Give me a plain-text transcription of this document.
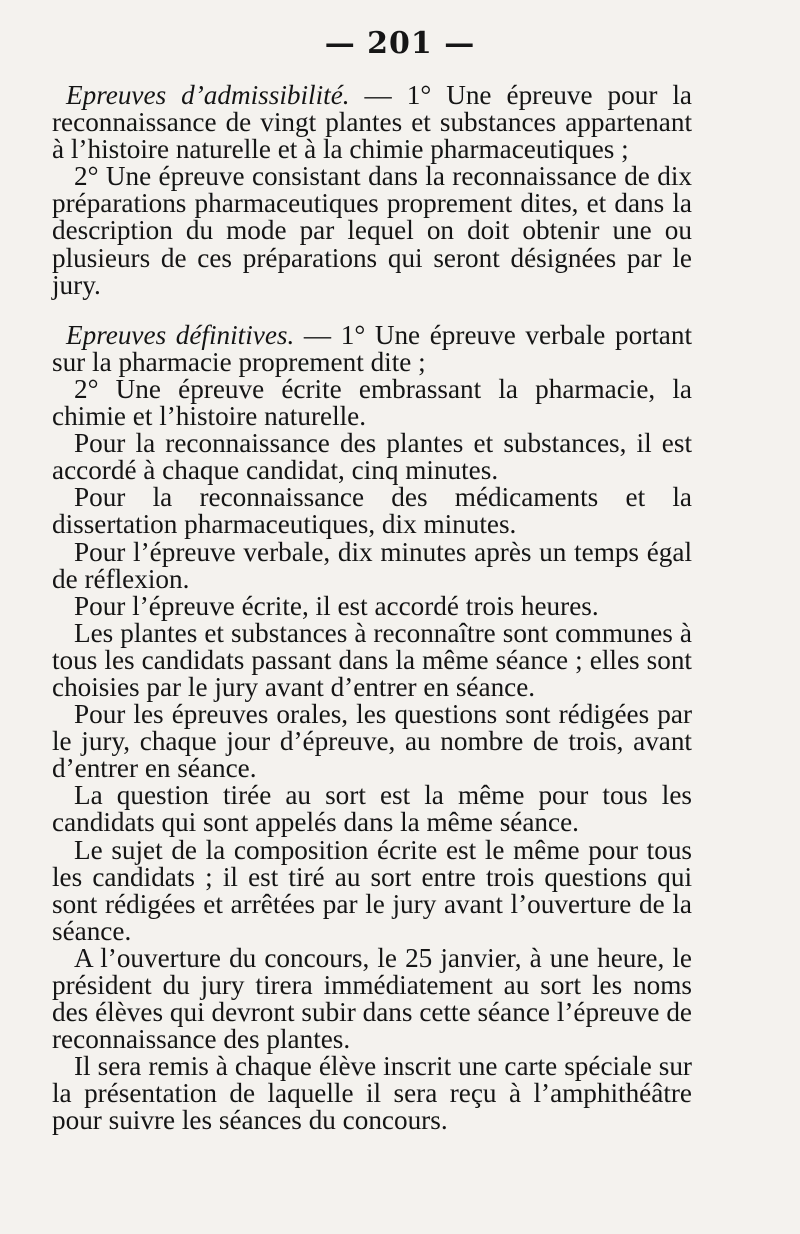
— 201 —

Epreuves d’admissibilité. — 1° Une épreuve pour la reconnaissance de vingt plantes et substances appartenant à l’histoire naturelle et à la chimie pharmaceutiques ;

2° Une épreuve consistant dans la reconnaissance de dix préparations pharmaceutiques proprement dites, et dans la description du mode par lequel on doit obtenir une ou plusieurs de ces préparations qui seront désignées par le jury.

Epreuves définitives. — 1° Une épreuve verbale portant sur la pharmacie proprement dite ;

2° Une épreuve écrite embrassant la pharmacie, la chimie et l’histoire naturelle.

Pour la reconnaissance des plantes et substances, il est accordé à chaque candidat, cinq minutes.

Pour la reconnaissance des médicaments et la dissertation pharmaceutiques, dix minutes.

Pour l’épreuve verbale, dix minutes après un temps égal de réflexion.

Pour l’épreuve écrite, il est accordé trois heures.

Les plantes et substances à reconnaître sont communes à tous les candidats passant dans la même séance ; elles sont choisies par le jury avant d’entrer en séance.

Pour les épreuves orales, les questions sont rédigées par le jury, chaque jour d’épreuve, au nombre de trois, avant d’entrer en séance.

La question tirée au sort est la même pour tous les candidats qui sont appelés dans la même séance.

Le sujet de la composition écrite est le même pour tous les candidats ; il est tiré au sort entre trois questions qui sont rédigées et arrêtées par le jury avant l’ouverture de la séance.

A l’ouverture du concours, le 25 janvier, à une heure, le président du jury tirera immédiatement au sort les noms des élèves qui devront subir dans cette séance l’épreuve de reconnaissance des plantes.

Il sera remis à chaque élève inscrit une carte spéciale sur la présentation de laquelle il sera reçu à l’amphithéâtre pour suivre les séances du concours.
